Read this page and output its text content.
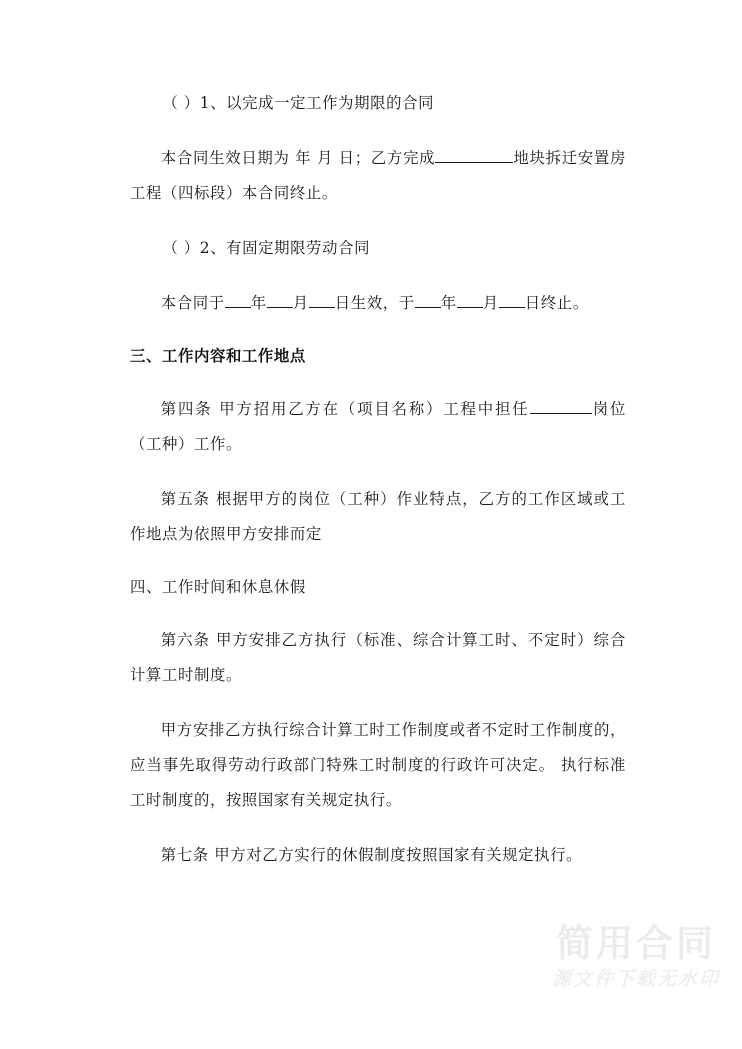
（ ）1、以完成一定工作为期限的合同

本合同生效日期为 年 月 日；乙方完成	地块拆迁安置房工程（四标段）本合同终止。

（ ）2、有固定期限劳动合同

本合同于 年 月 日生效，于 年 月 日终止。

三、工作内容和工作地点

第四条 甲方招用乙方在（项目名称）工程中担任	岗位（工种）工作。

第五条 根据甲方的岗位（工种）作业特点，乙方的工作区域或工作地点为依照甲方安排而定

四、工作时间和休息休假

第六条 甲方安排乙方执行（标准、综合计算工时、不定时）综合计算工时制度。

甲方安排乙方执行综合计算工时工作制度或者不定时工作制度的，应当事先取得劳动行政部门特殊工时制度的行政许可决定。 执行标准工时制度的，按照国家有关规定执行。

第七条 甲方对乙方实行的休假制度按照国家有关规定执行。

简用合同
源文件下载无水印
